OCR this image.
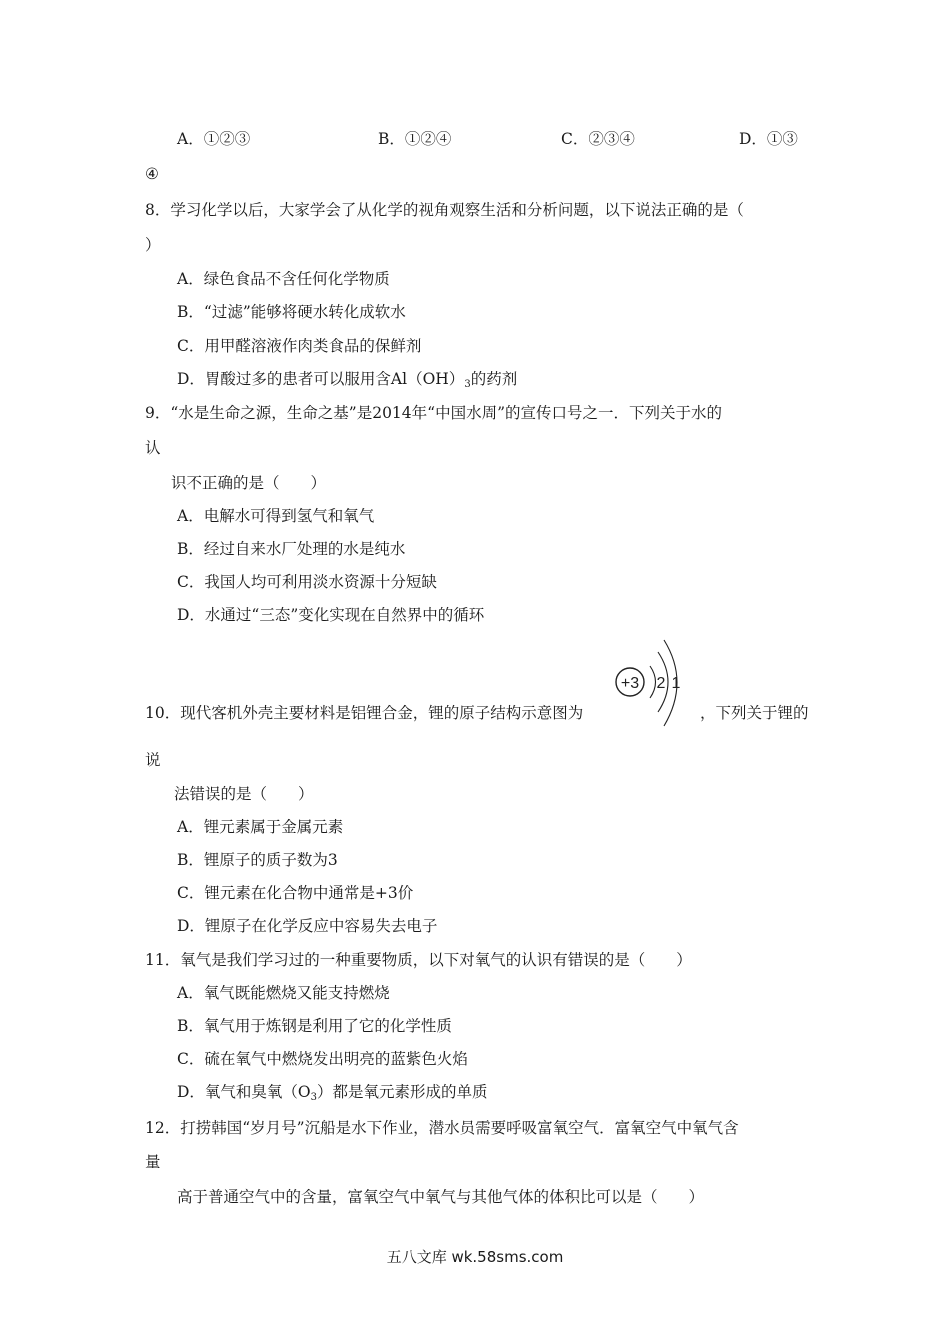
A．①②③	B．①②④	C．②③④	D．①③
④
8．学习化学以后，大家学会了从化学的视角观察生活和分析问题，以下说法正确的是（
）
A．绿色食品不含任何化学物质
B．“过滤”能够将硬水转化成软水
C．用甲醛溶液作肉类食品的保鲜剂
D．胃酸过多的患者可以服用含$Al(OH)_3$的药剂
9．“水是生命之源，生命之基”是2014年“中国水周”的宣传口号之一．下列关于水的
识不正确的是（　　）
A．电解水可得到氢气和氧气
B．经过自来水厂处理的水是纯水
C．我国人均可利用淡水资源十分短缺
D．水通过“三态”变化实现在自然界中的循环
10．现代客机外壳主要材料是铝锂合金，锂的原子结构示意图为	，下列关于锂的
+3 2 1
法错误的是（　　）
A．锂元素属于金属元素
B．锂原子的质子数为3
C．锂元素在化合物中通常是+3价
D．锂原子在化学反应中容易失去电子
11．氧气是我们学习过的一种重要物质，以下对氧气的认识有错误的是（　　）
A．氧气既能燃烧又能支持燃烧
B．氧气用于炼钢是利用了它的化学性质
C．硫在氧气中燃烧发出明亮的蓝紫色火焰
D．氧气和臭氧$(O_3)$都是氧元素形成的单质
12．打捞韩国“岁月号”沉船是水下作业，潜水员需要呼吸富氧空气．富氧空气中氧气含
高于普通空气中的含量，富氧空气中氧气与其他气体的体积比可以是（　　）
五八文库 wk.58sms.com
认
说
量
